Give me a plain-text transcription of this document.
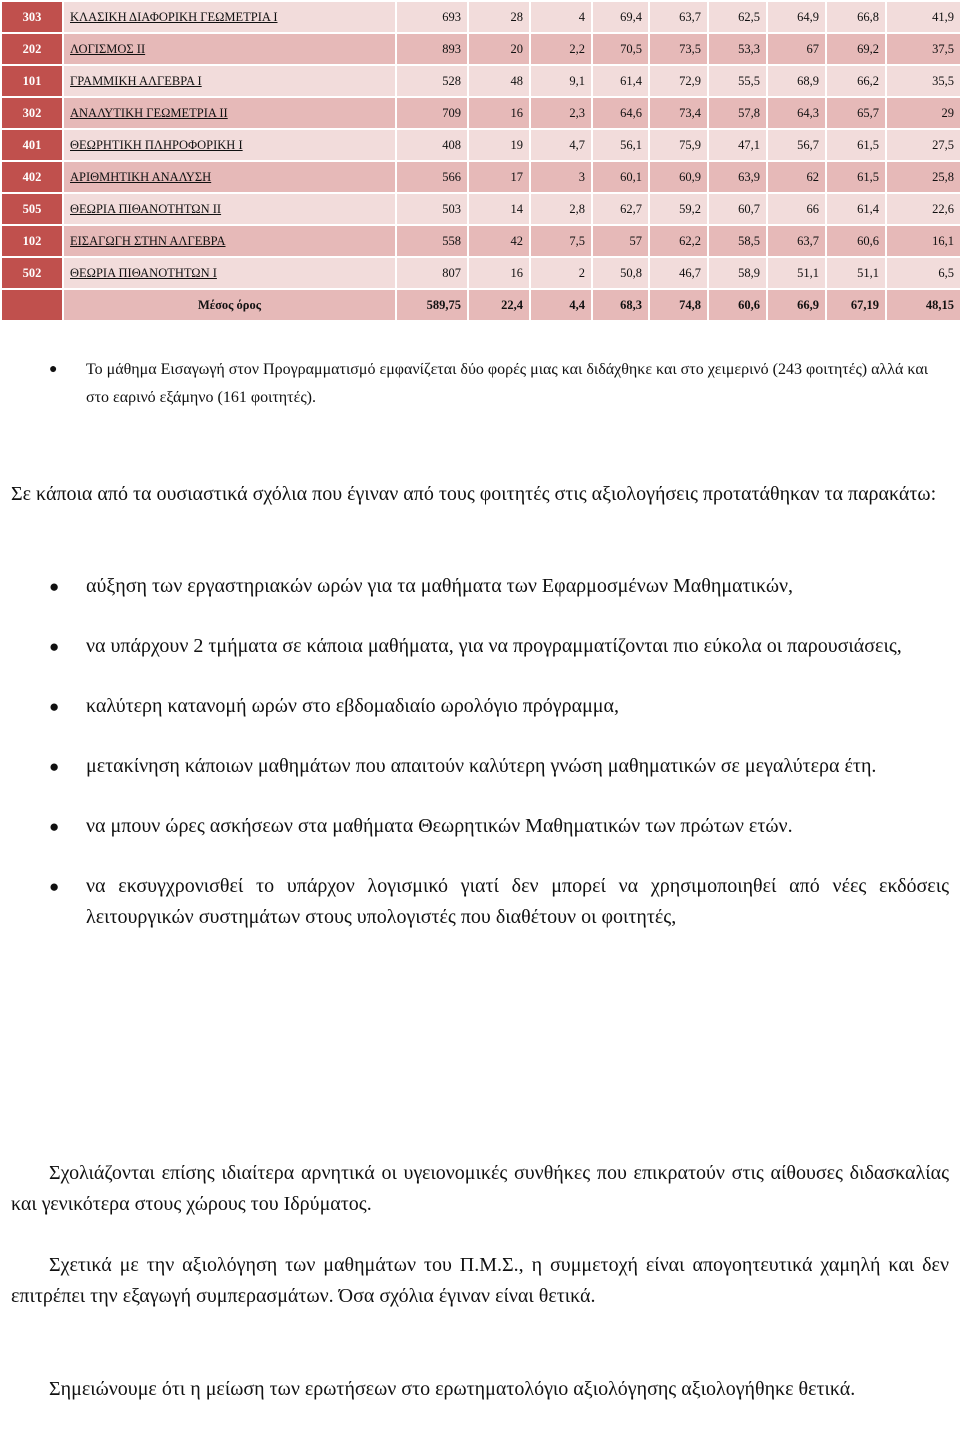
303	ΚΛΑΣΙΚΗ ΔΙΑΦΟΡΙΚΗ ΓΕΩΜΕΤΡΙΑ Ι	693	28	4	69,4	63,7	62,5	64,9	66,8	41,9
202	ΛΟΓΙΣΜΟΣ ΙΙ	893	20	2,2	70,5	73,5	53,3	67	69,2	37,5
101	ΓΡΑΜΜΙΚΗ ΑΛΓΕΒΡΑ Ι	528	48	9,1	61,4	72,9	55,5	68,9	66,2	35,5
302	ΑΝΑΛΥΤΙΚΗ ΓΕΩΜΕΤΡΙΑ ΙΙ	709	16	2,3	64,6	73,4	57,8	64,3	65,7	29
401	ΘΕΩΡΗΤΙΚΗ ΠΛΗΡΟΦΟΡΙΚΗ Ι	408	19	4,7	56,1	75,9	47,1	56,7	61,5	27,5
402	ΑΡΙΘΜΗΤΙΚΗ ΑΝΑΛΥΣΗ	566	17	3	60,1	60,9	63,9	62	61,5	25,8
505	ΘΕΩΡΙΑ ΠΙΘΑΝΟΤΗΤΩΝ ΙΙ	503	14	2,8	62,7	59,2	60,7	66	61,4	22,6
102	ΕΙΣΑΓΩΓΗ ΣΤΗΝ ΑΛΓΕΒΡΑ	558	42	7,5	57	62,2	58,5	63,7	60,6	16,1
502	ΘΕΩΡΙΑ ΠΙΘΑΝΟΤΗΤΩΝ Ι	807	16	2	50,8	46,7	58,9	51,1	51,1	6,5
	Μέσος όρος	589,75	22,4	4,4	68,3	74,8	60,6	66,9	67,19	48,15
● Το μάθημα Εισαγωγή στον Προγραμματισμό εμφανίζεται δύο φορές μιας και διδάχθηκε και στο χειμερινό (243 φοιτητές) αλλά και στο εαρινό εξάμηνο (161 φοιτητές).

Σε κάποια από τα ουσιαστικά σχόλια που έγιναν από τους φοιτητές στις αξιολογήσεις προτατάθηκαν τα παρακάτω:

● αύξηση των εργαστηριακών ωρών για τα μαθήματα των Εφαρμοσμένων Μαθηματικών,
● να υπάρχουν 2 τμήματα σε κάποια μαθήματα, για να προγραμματίζονται πιο εύκολα οι παρουσιάσεις,
● καλύτερη κατανομή ωρών στο εβδομαδιαίο ωρολόγιο πρόγραμμα,
● μετακίνηση κάποιων μαθημάτων που απαιτούν καλύτερη γνώση μαθηματικών σε μεγαλύτερα έτη.
● να μπουν ώρες ασκήσεων στα μαθήματα Θεωρητικών Μαθηματικών των πρώτων ετών.
● να εκσυγχρονισθεί το υπάρχον λογισμικό γιατί δεν μπορεί να χρησιμοποιηθεί από νέες εκδόσεις λειτουργικών συστημάτων στους υπολογιστές που διαθέτουν οι φοιτητές,

Σχολιάζονται επίσης ιδιαίτερα αρνητικά οι υγειονομικές συνθήκες που επικρατούν στις αίθουσες διδασκαλίας και γενικότερα στους χώρους του Ιδρύματος.

Σχετικά με την αξιολόγηση των μαθημάτων του Π.Μ.Σ., η συμμετοχή είναι απογοητευτικά χαμηλή και δεν επιτρέπει την εξαγωγή συμπερασμάτων. Όσα σχόλια έγιναν είναι θετικά.

Σημειώνουμε ότι η μείωση των ερωτήσεων στο ερωτηματολόγιο αξιολόγησης αξιολογήθηκε θετικά.
